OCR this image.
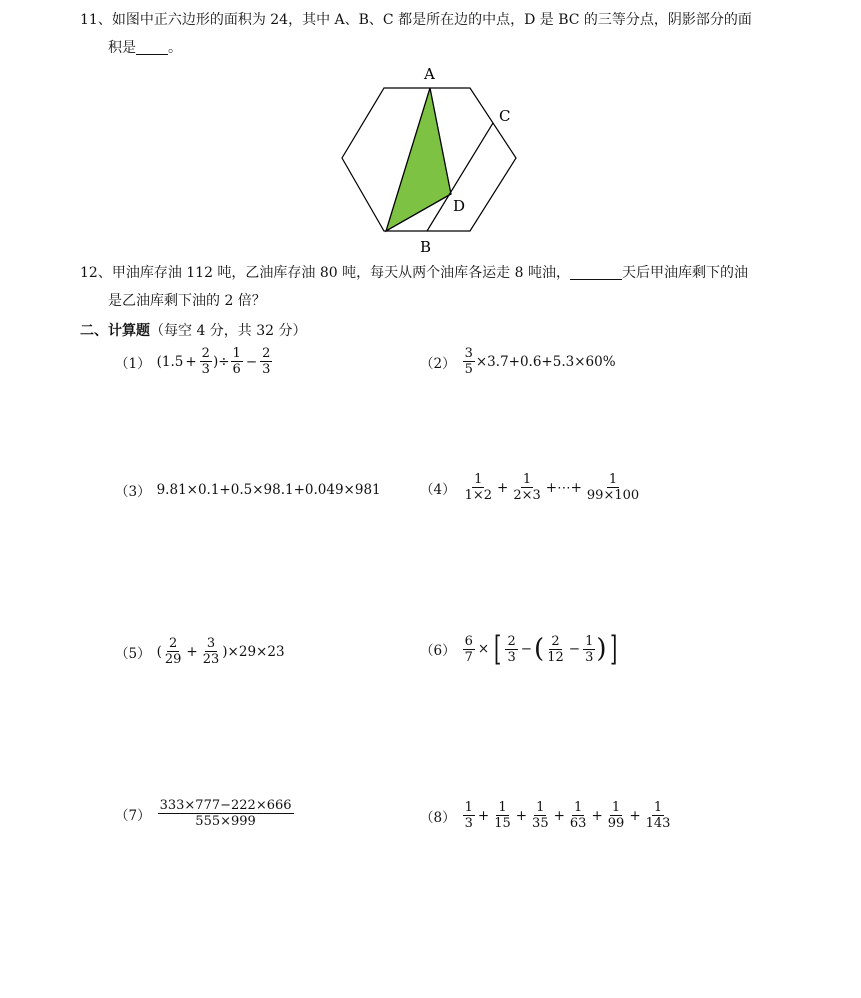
11、如图中正六边形的面积为 24，其中 A、B、C 都是所在边的中点，D 是 BC 的三等分点，阴影部分的面
积是 。
A
C
D
B
12、甲油库存油 112 吨，乙油库存油 80 吨，每天从两个油库各运走 8 吨油，	天后甲油库剩下的油
是乙油库剩下油的 2 倍？
二、计算题（每空 4 分，共 32 分）
（1） ($1.5 + \frac{2}{3}$ )÷ $\frac{1}{6} - \frac{2}{3}$	$(2) \frac{3}{5} \times 3.7+0.6+5.3\times 60\%$
（3） 9.81×0.1+0.5×98.1+0.049×981	$(4) \frac{1}{1\times 2} + \frac{1}{2\times 3}$ +⋯+ $\frac{1}{99\times 100}$
（5） ( $\frac{2}{29} + \frac{3}{23} )\times 29\times 23$	$(6) \frac{6}{7}$ × [ $\frac{2}{3}$ − ( $\frac{2}{12} - \frac{1}{3}$ ) ]
$(7) \frac{333\times 777-222\times 666}{555\times 999}$	$(8) \frac{1}{3} + \frac{1}{15} + \frac{1}{35} + \frac{1}{63} + \frac{1}{99} + \frac{1}{143}$
